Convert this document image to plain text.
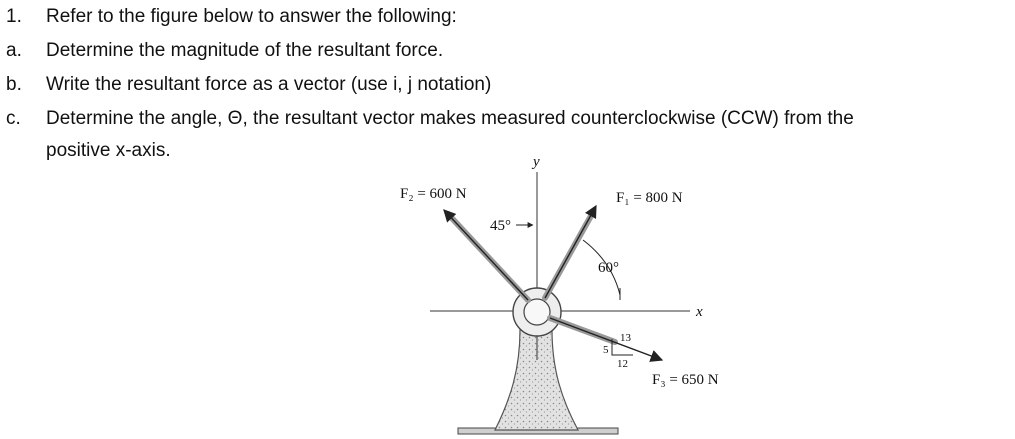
1. Refer to the figure below to answer the following:
a. Determine the magnitude of the resultant force.
b. Write the resultant force as a vector (use i, j notation)
c. Determine the angle, Θ, the resultant vector makes measured counterclockwise (CCW) from the
positive x-axis.
45°
60°
13
5
12
y
x
F₂ = 600 N	F₁ = 800 N
F₃ = 650 N
